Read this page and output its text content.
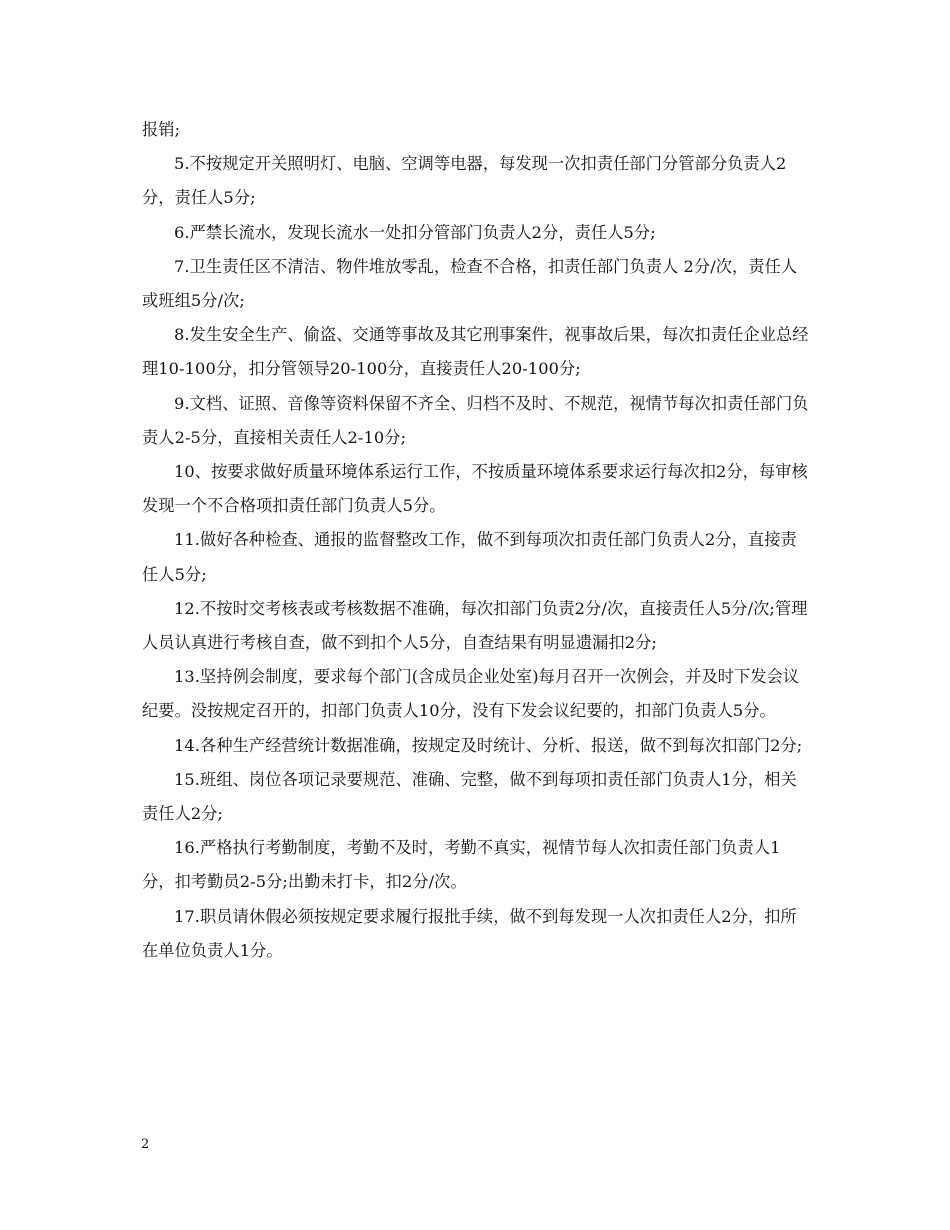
报销;

5.不按规定开关照明灯、电脑、空调等电器，每发现一次扣责任部门分管部分负责人2分，责任人5分;

6.严禁长流水，发现长流水一处扣分管部门负责人2分，责任人5分;

7.卫生责任区不清洁、物件堆放零乱，检查不合格，扣责任部门负责人 2分/次，责任人或班组5分/次;

8.发生安全生产、偷盗、交通等事故及其它刑事案件，视事故后果，每次扣责任企业总经理10-100分，扣分管领导20-100分，直接责任人20-100分;

9.文档、证照、音像等资料保留不齐全、归档不及时、不规范，视情节每次扣责任部门负责人2-5分，直接相关责任人2-10分;

10、按要求做好质量环境体系运行工作，不按质量环境体系要求运行每次扣2分，每审核发现一个不合格项扣责任部门负责人5分。

11.做好各种检查、通报的监督整改工作，做不到每项次扣责任部门负责人2分，直接责任人5分;

12.不按时交考核表或考核数据不准确，每次扣部门负责2分/次，直接责任人5分/次;管理人员认真进行考核自查，做不到扣个人5分，自查结果有明显遗漏扣2分;

13.坚持例会制度，要求每个部门(含成员企业处室)每月召开一次例会，并及时下发会议纪要。没按规定召开的，扣部门负责人10分，没有下发会议纪要的，扣部门负责人5分。

14.各种生产经营统计数据准确，按规定及时统计、分析、报送，做不到每次扣部门2分;

15.班组、岗位各项记录要规范、准确、完整，做不到每项扣责任部门负责人1分，相关责任人2分;

16.严格执行考勤制度，考勤不及时，考勤不真实，视情节每人次扣责任部门负责人1分，扣考勤员2-5分;出勤未打卡，扣2分/次。

17.职员请休假必须按规定要求履行报批手续，做不到每发现一人次扣责任人2分，扣所在单位负责人1分。

2
